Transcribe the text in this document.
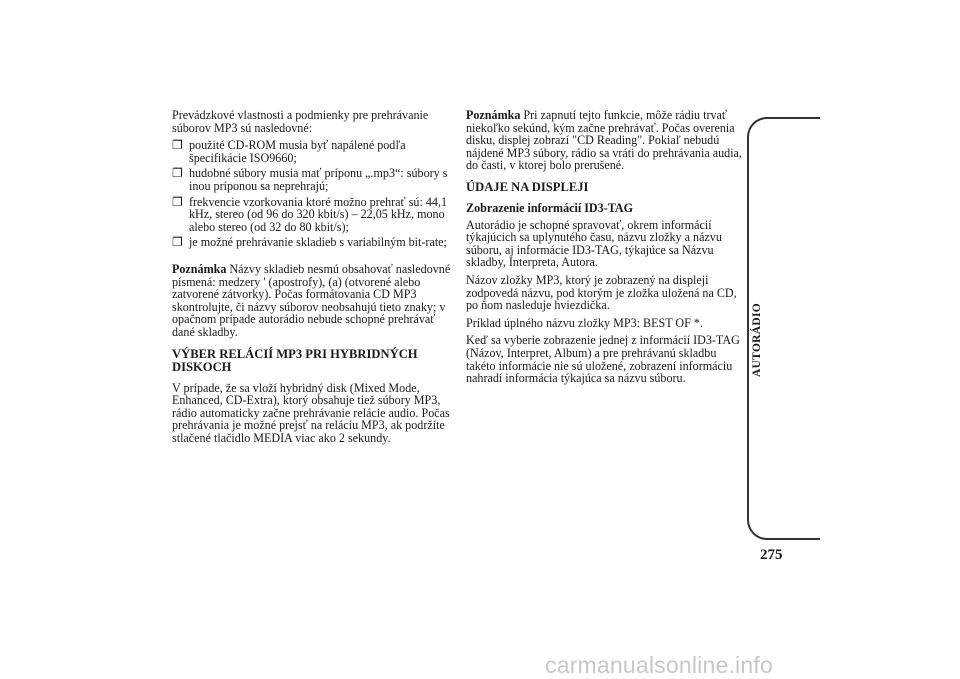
Prevádzkové vlastnosti a podmienky pre prehrávanie súborov MP3 sú nasledovné:

❐ použité CD-ROM musia byť napálené podľa špecifikácie ISO9660;
❐ hudobné súbory musia mať príponu „.mp3“: súbory s inou príponou sa neprehrajú;
❐ frekvencie vzorkovania ktoré možno prehrať sú: 44,1 kHz, stereo (od 96 do 320 kbit/s) – 22,05 kHz, mono alebo stereo (od 32 do 80 kbit/s);
❐ je možné prehrávanie skladieb s variabilným bit-rate;

Poznámka Názvy skladieb nesmú obsahovať nasledovné písmená: medzery ' (apostrofy), (a) (otvorené alebo zatvorené zátvorky). Počas formátovania CD MP3 skontrolujte, či názvy súborov neobsahujú tieto znaky; v opačnom prípade autorádio nebude schopné prehrávať dané skladby.

VÝBER RELÁCIÍ MP3 PRI HYBRIDNÝCH DISKOCH

V prípade, že sa vloží hybridný disk (Mixed Mode, Enhanced, CD-Extra), ktorý obsahuje tiež súbory MP3, rádio automaticky začne prehrávanie relácie audio. Počas prehrávania je možné prejsť na reláciu MP3, ak podržíte stlačené tlačidlo MEDIA viac ako 2 sekundy.

Poznámka Pri zapnutí tejto funkcie, môže rádiu trvať niekoľko sekúnd, kým začne prehrávať. Počas overenia disku, displej zobrazí "CD Reading". Pokiaľ nebudú nájdené MP3 súbory, rádio sa vráti do prehrávania audia, do časti, v ktorej bolo prerušené.

ÚDAJE NA DISPLEJI
Zobrazenie informácií ID3-TAG

Autorádio je schopné spravovať, okrem informácií týkajúcich sa uplynutého času, názvu zložky a názvu súboru, aj informácie ID3-TAG, týkajúce sa Názvu skladby, Interpreta, Autora.

Názov zložky MP3, ktorý je zobrazený na displeji zodpovedá názvu, pod ktorým je zložka uložená na CD, po ňom nasleduje hviezdička.

Príklad úplného názvu zložky MP3: BEST OF *.

Keď sa vyberie zobrazenie jednej z informácií ID3-TAG (Názov, Interpret, Album) a pre prehrávanú skladbu takéto informácie nie sú uložené, zobrazení informáciu nahradí informácia týkajúca sa názvu súboru.

AUTORÁDIO
275
carmanualsonline.info
